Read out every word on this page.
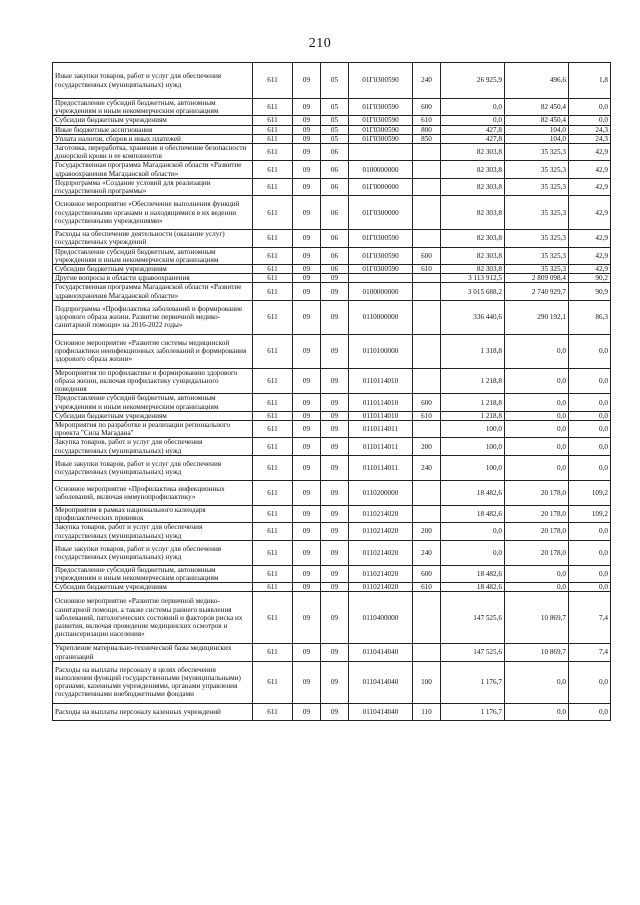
210
Иные закупки товаров, работ и услуг для обеспечения государственных (муниципальных) нужд	611	09	05	01Г0300590	240	26 925,9	496,6	1,8
Предоставление субсидий бюджетным, автономным учреждениям и иным некоммерческим организациям	611	09	05	01Г0300590	600	0,0	82 450,4	0,0
Субсидии бюджетным учреждениям	611	09	05	01Г0300590	610	0,0	82 450,4	0,0
Иные бюджетные ассигнования	611	09	05	01Г0300590	800	427,8	104,0	24,3
Уплата налогов, сборов и иных платежей	611	09	05	01Г0300590	850	427,8	104,0	24,3
Заготовка, переработка, хранение и обеспечение безопасности донорской крови и ее компонентов	611	09	06			82 303,8	35 325,3	42,9
Государственная программа Магаданской области «Развитие здравоохранения Магаданской области»	611	09	06	0100000000		82 303,8	35 325,3	42,9
Подпрограмма «Создание условий для реализации государственной программы»	611	09	06	01Г0000000		82 303,8	35 325,3	42,9
Основное мероприятие «Обеспечение выполнения функций государственными органами и находящимися в их ведении государственными учреждениями»	611	09	06	01Г0300000		82 303,8	35 325,3	42,9
Расходы на обеспечение деятельности (оказание услуг) государственных учреждений	611	09	06	01Г0300590		82 303,8	35 325,3	42,9
Предоставление субсидий бюджетным, автономным учреждениям и иным некоммерческим организациям	611	09	06	01Г0300590	600	82 303,8	35 325,3	42,9
Субсидии бюджетным учреждениям	611	09	06	01Г0300590	610	82 303,8	35 325,3	42,9
Другие вопросы в области здравоохранения	611	09	09			3 113 912,5	2 809 098,4	90,2
Государственная программа Магаданской области «Развитие здравоохранения Магаданской области»	611	09	09	0100000000		3 015 688,2	2 740 929,7	90,9
Подпрограмма «Профилактика заболеваний и формирование здорового образа жизни. Развитие первичной медико-санитарной помощи» на 2016-2022 годы»	611	09	09	0110000000		336 440,6	290 192,1	86,3
Основное мероприятие «Развитие системы медицинской профилактики неинфекционных заболеваний и формирования здорового образа жизни»	611	09	09	0110100000		1 318,8	0,0	0,0
Мероприятия по профилактике и формированию здорового образа жизни, включая профилактику суицидального поведения	611	09	09	0110114010		1 218,8	0,0	0,0
Предоставление субсидий бюджетным, автономным учреждениям и иным некоммерческим организациям	611	09	09	0110114010	600	1 218,8	0,0	0,0
Субсидии бюджетным учреждениям	611	09	09	0110114010	610	1 218,8	0,0	0,0
Мероприятия по разработке и реализации регионального проекта "Сила Магадана"	611	09	09	0110114011		100,0	0,0	0,0
Закупка товаров, работ и услуг для обеспечения государственных (муниципальных) нужд	611	09	09	0110114011	200	100,0	0,0	0,0
Иные закупки товаров, работ и услуг для обеспечения государственных (муниципальных) нужд	611	09	09	0110114011	240	100,0	0,0	0,0
Основное мероприятие «Профилактика инфекционных заболеваний, включая иммунопрофилактику»	611	09	09	0110200000		18 482,6	20 178,0	109,2
Мероприятия в рамках национального календаря профилактических прививок	611	09	09	0110214020		18 482,6	20 178,0	109,2
Закупка товаров, работ и услуг для обеспечения государственных (муниципальных) нужд	611	09	09	0110214020	200	0,0	20 178,0	0,0
Иные закупки товаров, работ и услуг для обеспечения государственных (муниципальных) нужд	611	09	09	0110214020	240	0,0	20 178,0	0,0
Предоставление субсидий бюджетным, автономным учреждениям и иным некоммерческим организациям	611	09	09	0110214020	600	18 482,6	0,0	0,0
Субсидии бюджетным учреждениям	611	09	09	0110214020	610	18 482,6	0,0	0,0
Основное мероприятие «Развитие первичной медико-санитарной помощи, а также системы раннего выявления заболеваний, патологических состояний и факторов риска их развития, включая проведение медицинских осмотров и диспансеризации населения»	611	09	09	0110400000		147 525,6	10 869,7	7,4
Укрепление материально-технической базы медицинских организаций	611	09	09	0110414040		147 525,6	10 869,7	7,4
Расходы на выплаты персоналу в целях обеспечения выполнения функций государственными (муниципальными) органами, казенными учреждениями, органами управления государственными внебюджетными фондами	611	09	09	0110414040	100	1 176,7	0,0	0,0
Расходы на выплаты персоналу казенных учреждений	611	09	09	0110414040	110	1 176,7	0,0	0,0
